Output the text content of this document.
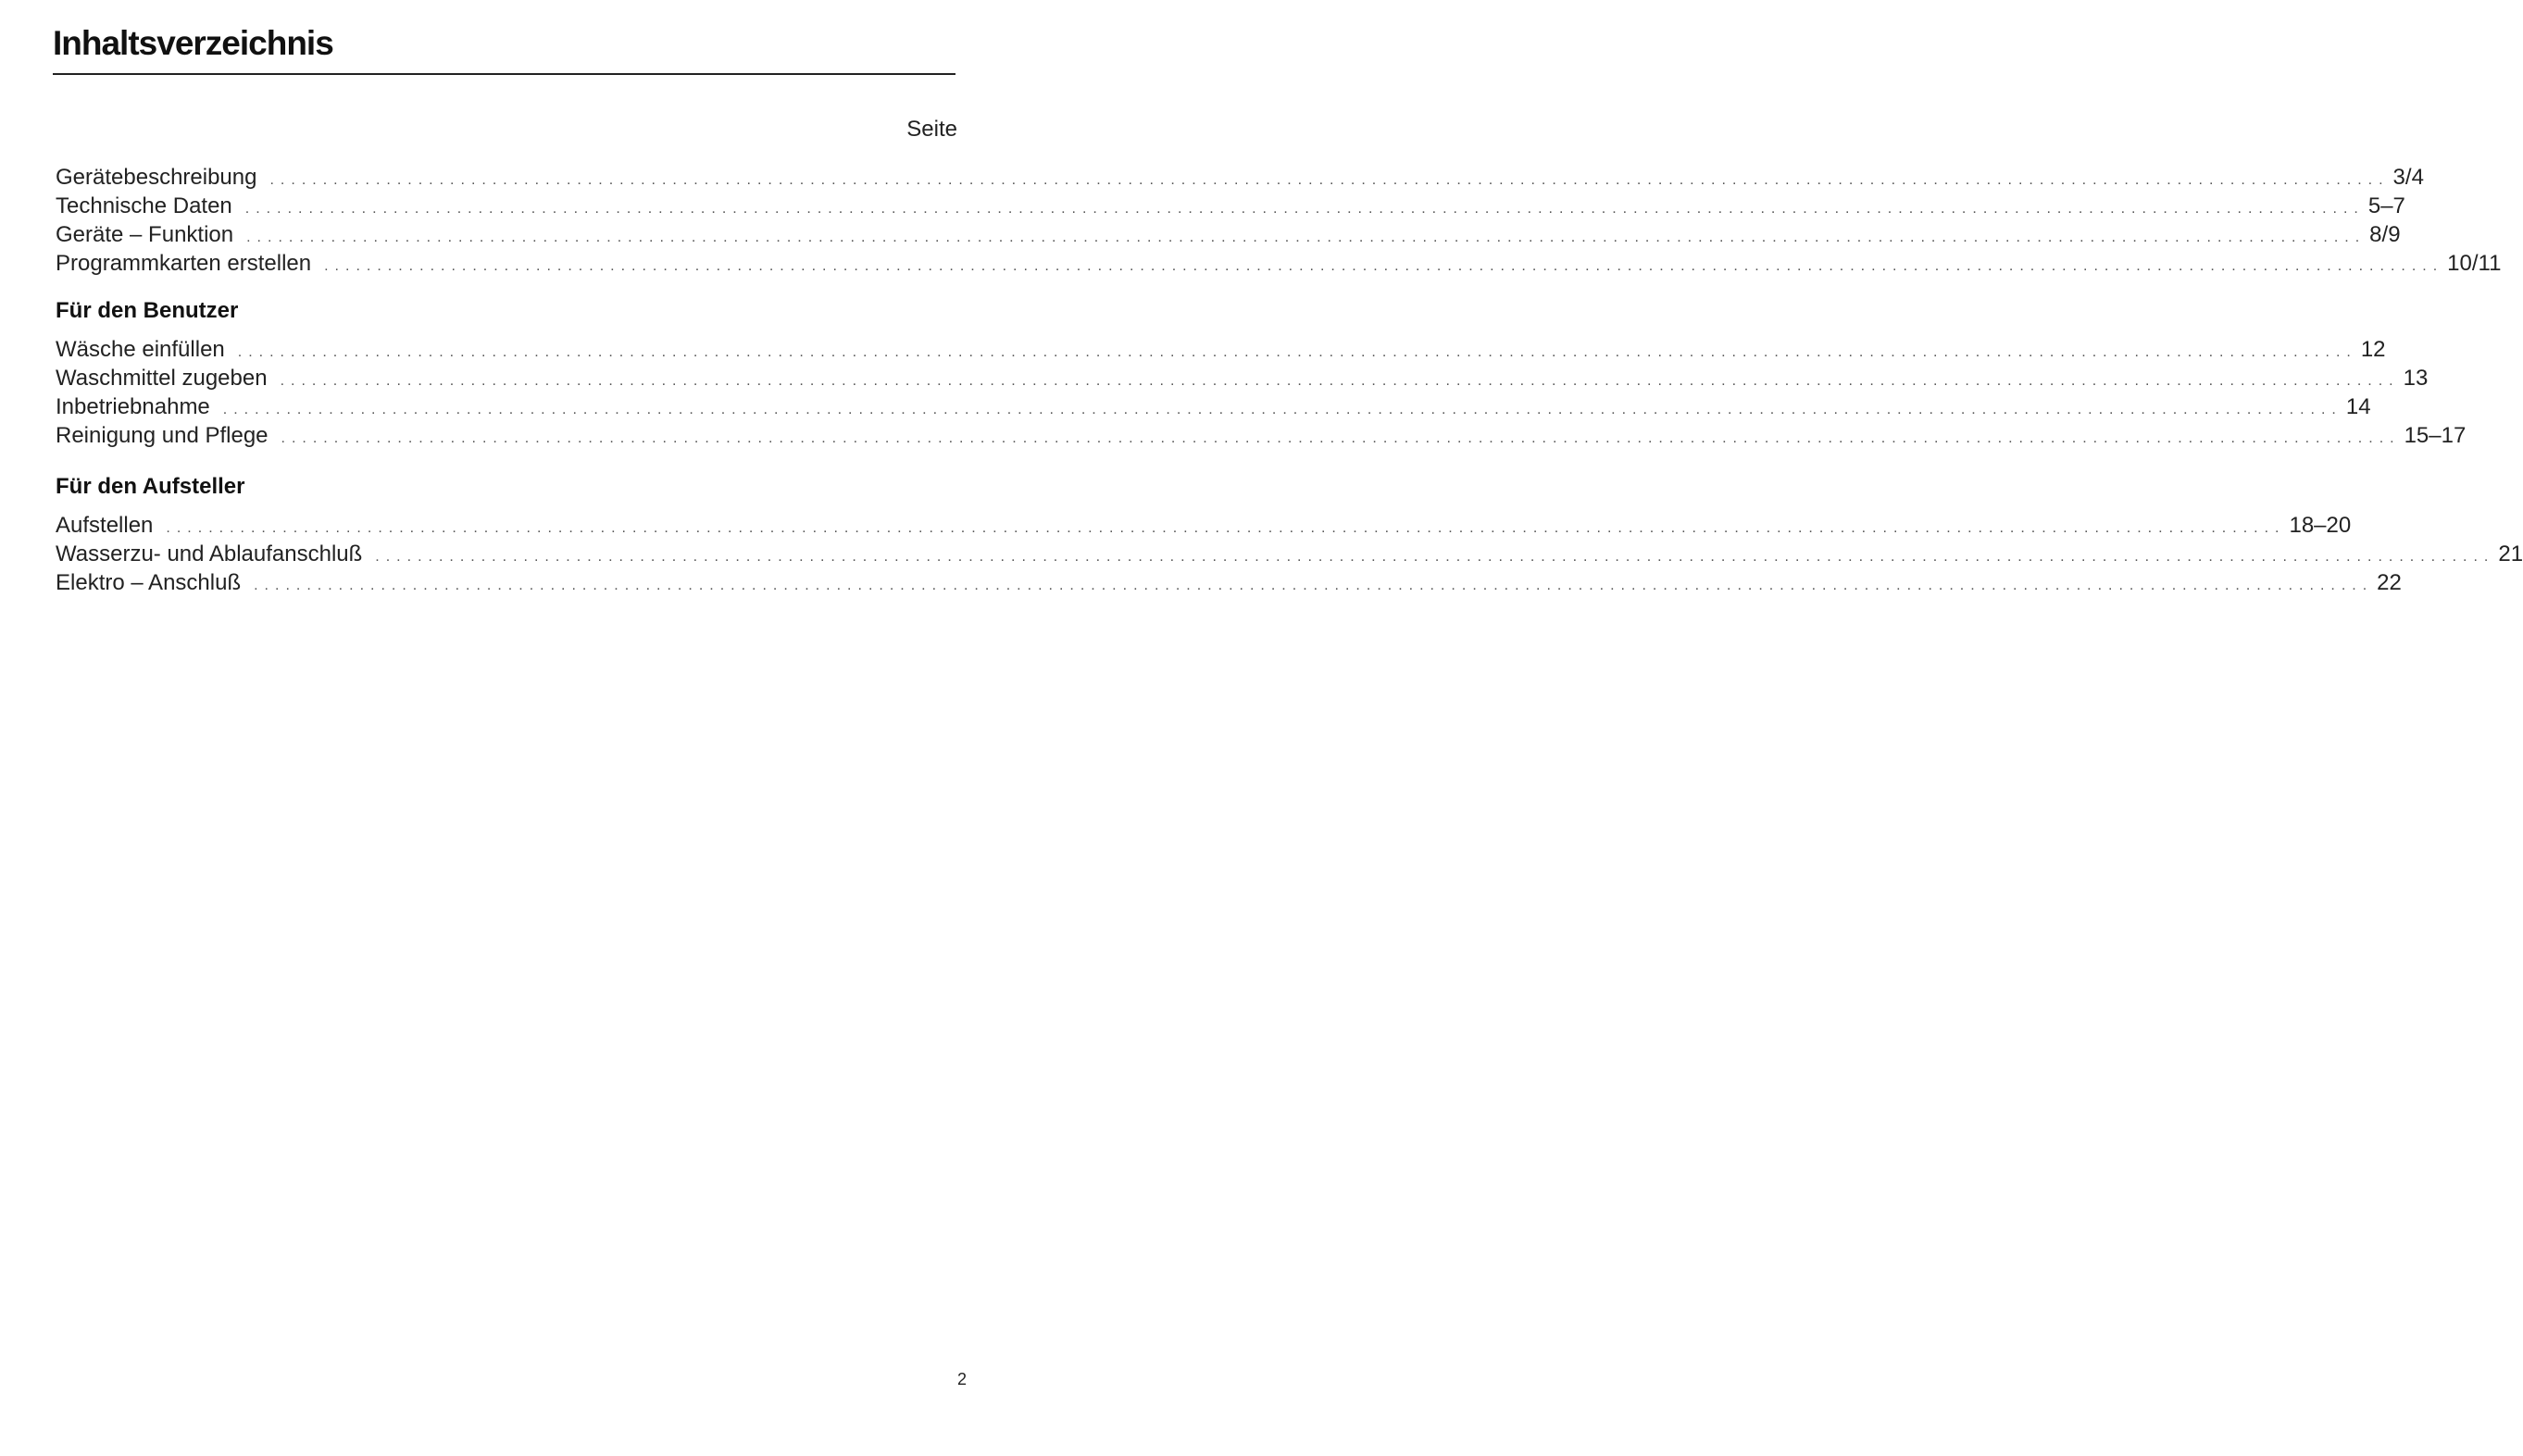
Inhaltsverzeichnis
Seite
Gerätebeschreibung ........................................................................................................................................................................................................ 3/4
Technische Daten ........................................................................................................................................................................................................ 5–7
Geräte – Funktion ........................................................................................................................................................................................................ 8/9
Programmkarten erstellen ........................................................................................................................................................................................................ 10/11
Für den Benutzer
Wäsche einfüllen ........................................................................................................................................................................................................ 12
Waschmittel zugeben ........................................................................................................................................................................................................ 13
Inbetriebnahme ........................................................................................................................................................................................................ 14
Reinigung und Pflege ........................................................................................................................................................................................................ 15–17
Für den Aufsteller
Aufstellen ........................................................................................................................................................................................................ 18–20
Wasserzu- und Ablaufanschluß ........................................................................................................................................................................................................ 21
Elektro – Anschluß ........................................................................................................................................................................................................ 22
2
